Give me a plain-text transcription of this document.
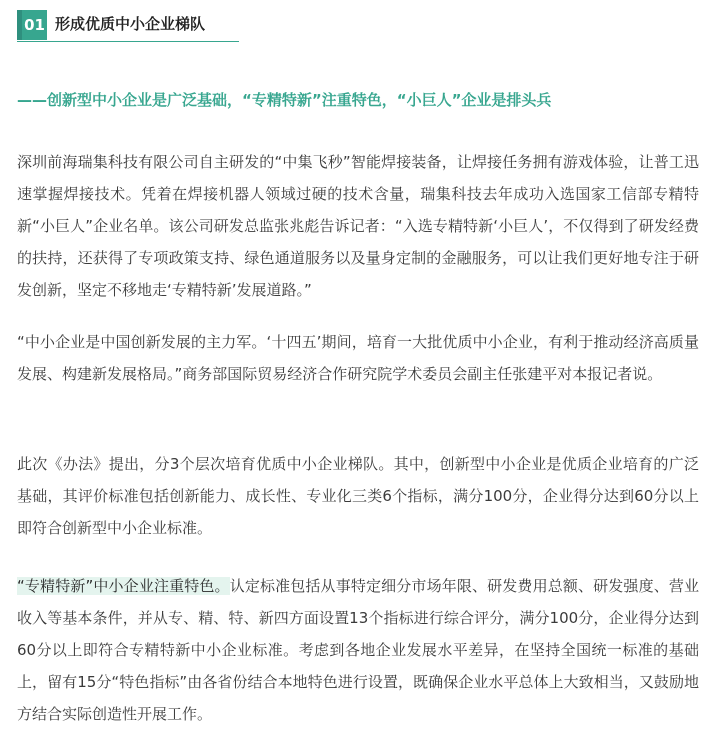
01 形成优质中小企业梯队
——创新型中小企业是广泛基础，“专精特新”注重特色，“小巨人”企业是排头兵

深圳前海瑞集科技有限公司自主研发的“中集飞秒”智能焊接装备，让焊接任务拥有游戏体验，让普工迅速掌握焊接技术。凭着在焊接机器人领域过硬的技术含量，瑞集科技去年成功入选国家工信部专精特新“小巨人”企业名单。该公司研发总监张兆彪告诉记者：“入选专精特新‘小巨人’，不仅得到了研发经费的扶持，还获得了专项政策支持、绿色通道服务以及量身定制的金融服务，可以让我们更好地专注于研发创新，坚定不移地走‘专精特新’发展道路。”

“中小企业是中国创新发展的主力军。‘十四五’期间，培育一大批优质中小企业，有利于推动经济高质量发展、构建新发展格局。”商务部国际贸易经济合作研究院学术委员会副主任张建平对本报记者说。

此次《办法》提出，分3个层次培育优质中小企业梯队。其中，创新型中小企业是优质企业培育的广泛基础，其评价标准包括创新能力、成长性、专业化三类6个指标，满分100分，企业得分达到60分以上即符合创新型中小企业标准。

“专精特新”中小企业注重特色。认定标准包括从事特定细分市场年限、研发费用总额、研发强度、营业收入等基本条件，并从专、精、特、新四方面设置13个指标进行综合评分，满分100分，企业得分达到60分以上即符合专精特新中小企业标准。考虑到各地企业发展水平差异，在坚持全国统一标准的基础上，留有15分“特色指标”由各省份结合本地特色进行设置，既确保企业水平总体上大致相当，又鼓励地方结合实际创造性开展工作。
